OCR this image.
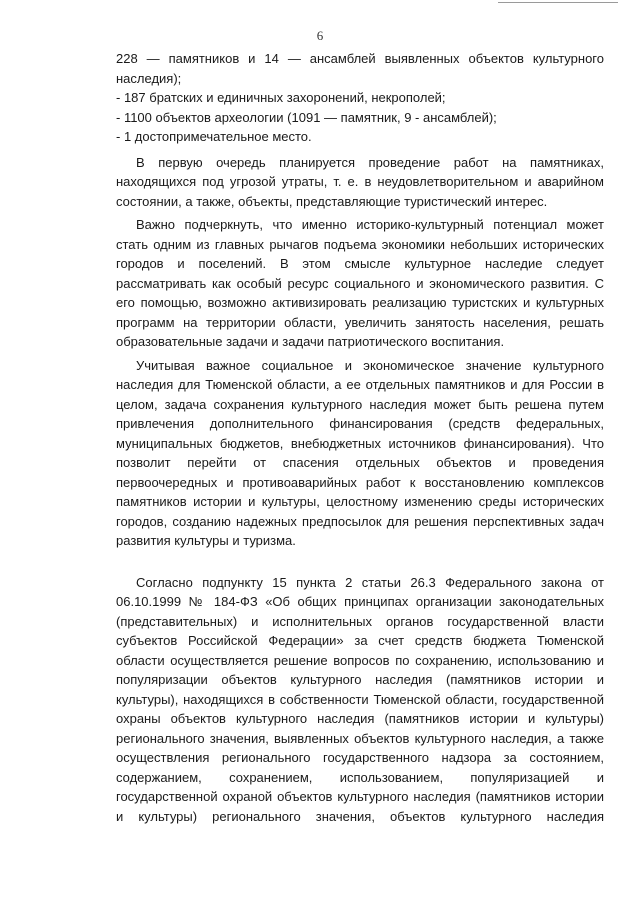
6
228 — памятников и 14 — ансамблей выявленных объектов культурного
наследия);
- 187 братских и единичных захоронений, некрополей;
- 1100 объектов археологии (1091 — памятник, 9 - ансамблей);
- 1 достопримечательное место.
В первую очередь планируется проведение работ на памятниках,
находящихся под угрозой утраты, т. е. в неудовлетворительном и аварийном
состоянии, а также, объекты, представляющие туристический интерес.
Важно подчеркнуть, что именно историко-культурный потенциал может
стать одним из главных рычагов подъема экономики небольших исторических
городов и поселений. В этом смысле культурное наследие следует
рассматривать как особый ресурс социального и экономического развития. С
его помощью, возможно активизировать реализацию туристских и культурных
программ на территории области, увеличить занятость населения, решать
образовательные задачи и задачи патриотического воспитания.
Учитывая важное социальное и экономическое значение культурного
наследия для Тюменской области, а ее отдельных памятников и для России в
целом, задача сохранения культурного наследия может быть решена путем
привлечения дополнительного финансирования (средств федеральных,
муниципальных бюджетов, внебюджетных источников финансирования). Что
позволит перейти от спасения отдельных объектов и проведения
первоочередных и противоаварийных работ к восстановлению комплексов
памятников истории и культуры, целостному изменению среды исторических
городов, созданию надежных предпосылок для решения перспективных задач
развития культуры и туризма.
Согласно подпункту 15 пункта 2 статьи 26.3 Федерального закона от
06.10.1999 № 184-ФЗ «Об общих принципах организации законодательных
(представительных) и исполнительных органов государственной власти
субъектов Российской Федерации» за счет средств бюджета Тюменской
области осуществляется решение вопросов по сохранению, использованию и
популяризации объектов культурного наследия (памятников истории и
культуры), находящихся в собственности Тюменской области, государственной
охраны объектов культурного наследия (памятников истории и культуры)
регионального значения, выявленных объектов культурного наследия, а также
осуществления регионального государственного надзора за состоянием,
содержанием, сохранением, использованием, популяризацией и
государственной охраной объектов культурного наследия (памятников истории
и культуры) регионального значения, объектов культурного наследия
